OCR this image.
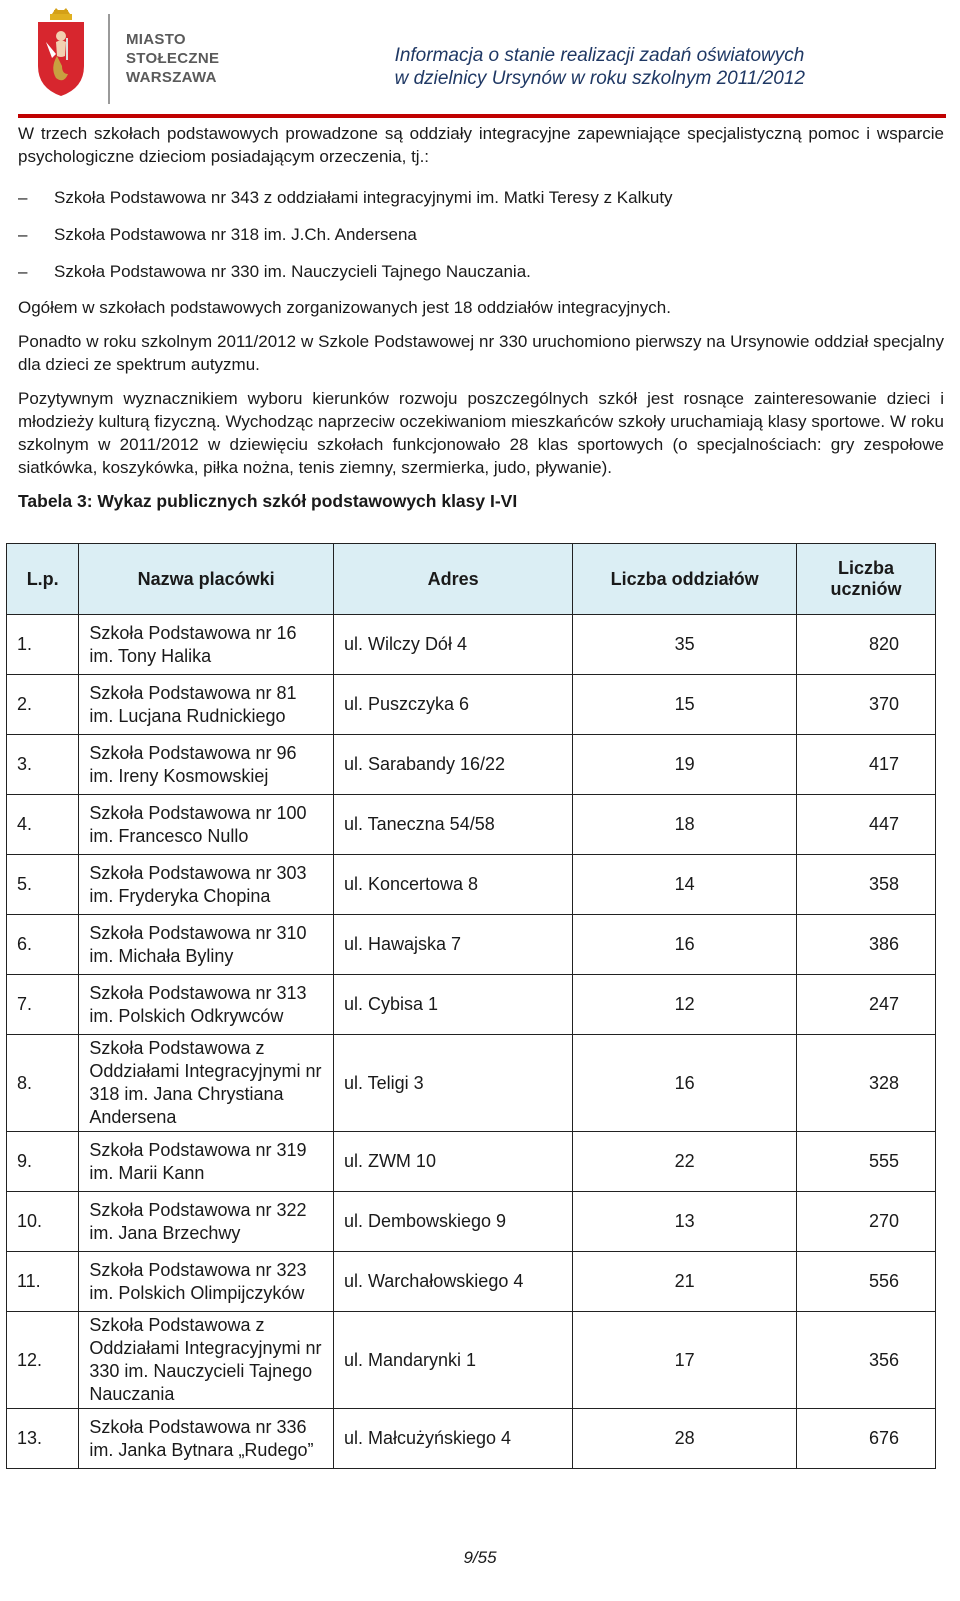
MIASTO
STOŁECZNE
WARSZAWA
Informacja o stanie realizacji zadań oświatowych
w dzielnicy Ursynów w roku szkolnym 2011/2012

W trzech szkołach podstawowych prowadzone są oddziały integracyjne zapewniające specjalistyczną pomoc i wsparcie psychologiczne dzieciom posiadającym orzeczenia, tj.:

– Szkoła Podstawowa nr 343 z oddziałami integracyjnymi im. Matki Teresy z Kalkuty
– Szkoła Podstawowa nr 318 im. J.Ch. Andersena
– Szkoła Podstawowa nr 330 im. Nauczycieli Tajnego Nauczania.

Ogółem w szkołach podstawowych zorganizowanych jest 18 oddziałów integracyjnych.

Ponadto w roku szkolnym 2011/2012 w Szkole Podstawowej nr 330 uruchomiono pierwszy na Ursynowie oddział specjalny dla dzieci ze spektrum autyzmu.

Pozytywnym wyznacznikiem wyboru kierunków rozwoju poszczególnych szkół jest rosnące zainteresowanie dzieci i młodzieży kulturą fizyczną. Wychodząc naprzeciw oczekiwaniom mieszkańców szkoły uruchamiają klasy sportowe. W roku szkolnym w 2011/2012 w dziewięciu szkołach funkcjonowało 28 klas sportowych (o specjalnościach: gry zespołowe siatkówka, koszykówka, piłka nożna, tenis ziemny, szermierka, judo, pływanie).

Tabela 3: Wykaz publicznych szkół podstawowych klasy I-VI
L.p.	Nazwa placówki	Adres	Liczba oddziałów	Liczba uczniów
1.	Szkoła Podstawowa nr 16 im. Tony Halika	ul. Wilczy Dół 4	35	820
2.	Szkoła Podstawowa nr 81 im. Lucjana Rudnickiego	ul. Puszczyka 6	15	370
3.	Szkoła Podstawowa nr 96 im. Ireny Kosmowskiej	ul. Sarabandy 16/22	19	417
4.	Szkoła Podstawowa nr 100 im. Francesco Nullo	ul. Taneczna 54/58	18	447
5.	Szkoła Podstawowa nr 303 im. Fryderyka Chopina	ul. Koncertowa 8	14	358
6.	Szkoła Podstawowa nr 310 im. Michała Byliny	ul. Hawajska 7	16	386
7.	Szkoła Podstawowa nr 313 im. Polskich Odkrywców	ul. Cybisa 1	12	247
8.	Szkoła Podstawowa z Oddziałami Integracyjnymi nr 318 im. Jana Chrystiana Andersena	ul. Teligi 3	16	328
9.	Szkoła Podstawowa nr 319 im. Marii Kann	ul. ZWM 10	22	555
10.	Szkoła Podstawowa nr 322 im. Jana Brzechwy	ul. Dembowskiego 9	13	270
11.	Szkoła Podstawowa nr 323 im. Polskich Olimpijczyków	ul. Warchałowskiego 4	21	556
12.	Szkoła Podstawowa z Oddziałami Integracyjnymi nr 330 im. Nauczycieli Tajnego Nauczania	ul. Mandarynki 1	17	356
13.	Szkoła Podstawowa nr 336 im. Janka Bytnara „Rudego”	ul. Małcużyńskiego 4	28	676
9/55
